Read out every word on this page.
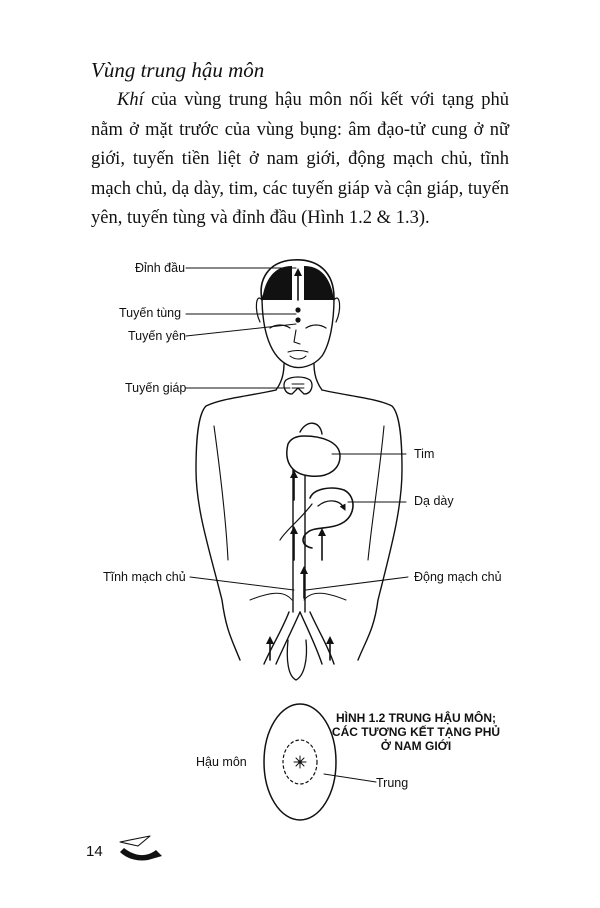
Vùng trung hậu môn

Khí của vùng trung hậu môn nối kết với tạng phủ nằm ở mặt trước của vùng bụng: âm đạo-tử cung ở nữ giới, tuyến tiền liệt ở nam giới, động mạch chủ, tĩnh mạch chủ, dạ dày, tim, các tuyến giáp và cận giáp, tuyến yên, tuyến tùng và đỉnh đầu (Hình 1.2 & 1.3).

Đỉnh đầu
Tuyến tùng
Tuyến yên
Tuyến giáp
Tim
Dạ dày
Tĩnh mạch chủ	Động mạch chủ
Hậu môn
Trung
HÌNH 1.2 TRUNG HẬU MÔN;
CÁC TƯƠNG KẾT TẠNG PHỦ
Ở NAM GIỚI
14
